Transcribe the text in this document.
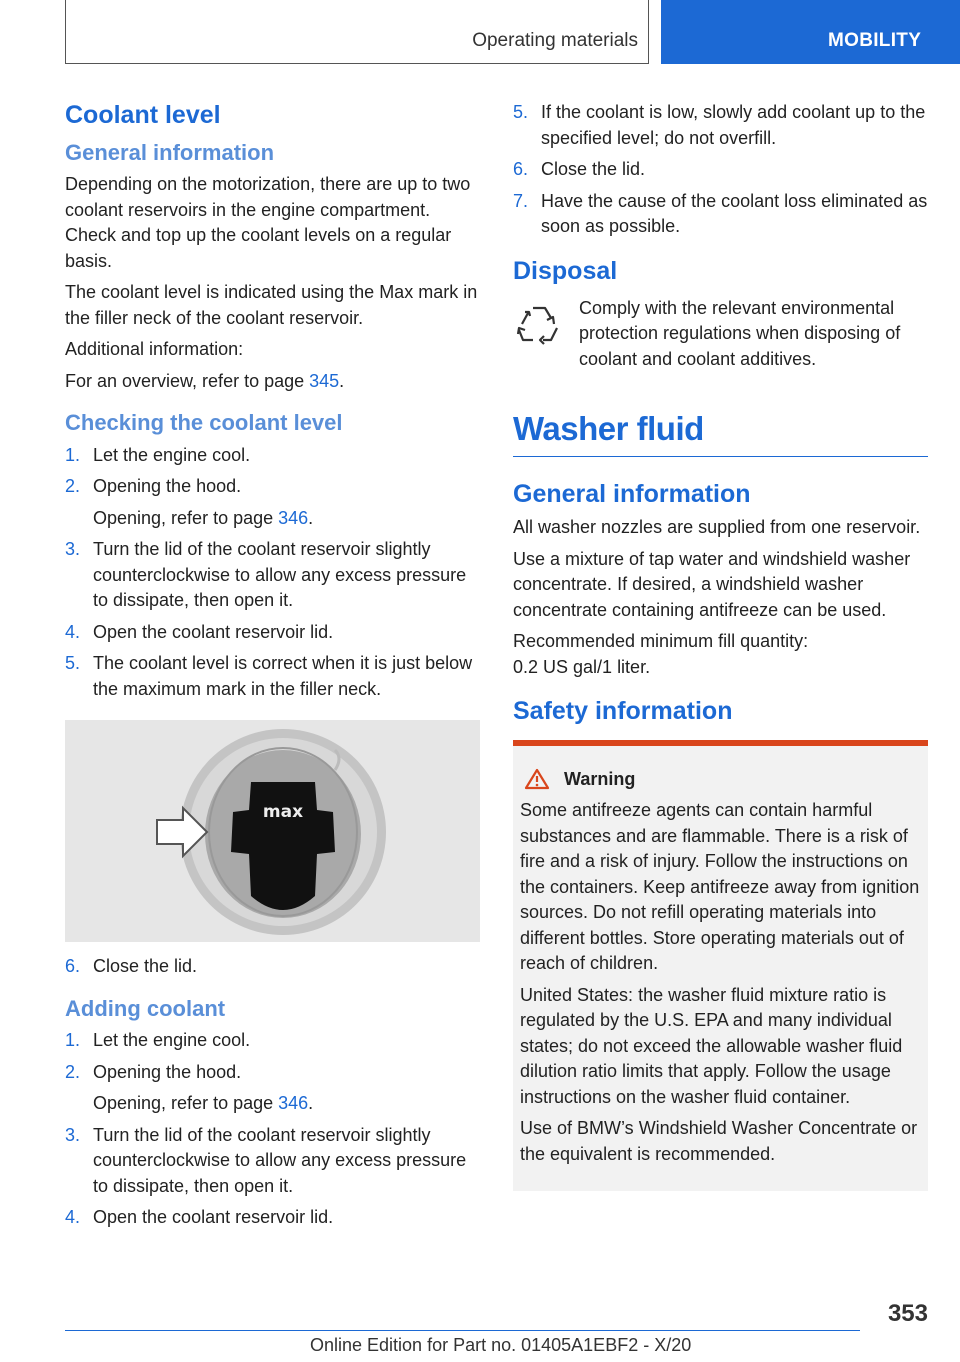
Operating materials	MOBILITY
Coolant level
General information

Depending on the motorization, there are up to two coolant reservoirs in the engine compartment. Check and top up the coolant levels on a regular basis.

The coolant level is indicated using the Max mark in the filler neck of the coolant reservoir.

Additional information:

For an overview, refer to page 345.

Checking the coolant level
1. Let the engine cool.
2. Opening the hood.
Opening, refer to page 346.
3. Turn the lid of the coolant reservoir slightly counterclockwise to allow any excess pressure to dissipate, then open it.
4. Open the coolant reservoir lid.
5. The coolant level is correct when it is just below the maximum mark in the filler neck.
max
6. Close the lid.
Adding coolant
1. Let the engine cool.
2. Opening the hood.
Opening, refer to page 346.
3. Turn the lid of the coolant reservoir slightly counterclockwise to allow any excess pressure to dissipate, then open it.
4. Open the coolant reservoir lid.
5. If the coolant is low, slowly add coolant up to the specified level; do not overfill.
6. Close the lid.
7. Have the cause of the coolant loss eliminated as soon as possible.
Disposal

Comply with the relevant environmental protection regulations when disposing of coolant and coolant additives.

Washer fluid
General information

All washer nozzles are supplied from one reservoir.

Use a mixture of tap water and windshield washer concentrate. If desired, a windshield washer concentrate containing antifreeze can be used.

Recommended minimum fill quantity:
0.2 US gal/1 liter.

Safety information
Warning

Some antifreeze agents can contain harmful substances and are flammable. There is a risk of fire and a risk of injury. Follow the instructions on the containers. Keep antifreeze away from ignition sources. Do not refill operating materials into different bottles. Store operating materials out of reach of children.

United States: the washer fluid mixture ratio is regulated by the U.S. EPA and many individual states; do not exceed the allowable washer fluid dilution ratio limits that apply. Follow the usage instructions on the washer fluid container.

Use of BMW’s Windshield Washer Concentrate or the equivalent is recommended.

353
Online Edition for Part no. 01405A1EBF2 - X/20
